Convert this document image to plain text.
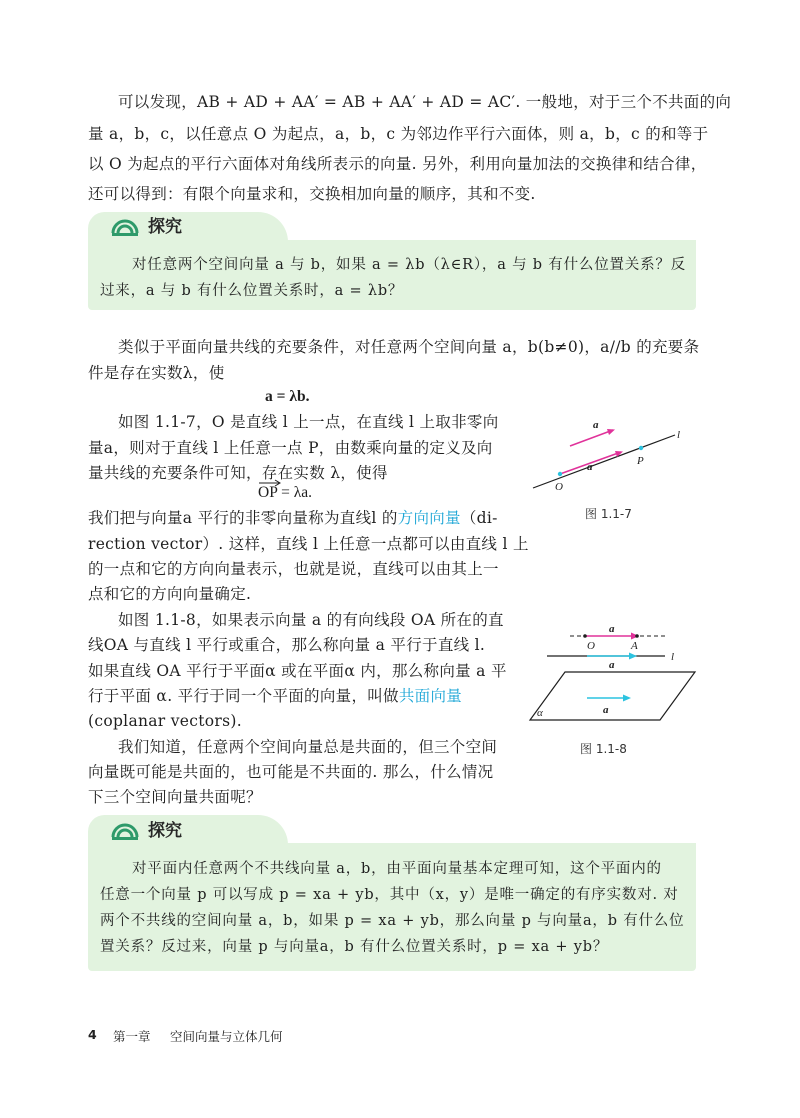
可以发现，AB + AD + AA′ = AB + AA′ + AD = AC′. 一般地，对于三个不共面的向

量 a，b，c，以任意点 O 为起点，a，b，c 为邻边作平行六面体，则 a，b，c 的和等于

以 O 为起点的平行六面体对角线所表示的向量. 另外，利用向量加法的交换律和结合律，

还可以得到：有限个向量求和，交换相加向量的顺序，其和不变.

探究

对任意两个空间向量 a 与 b，如果 a = λb（λ∈R），a 与 b 有什么位置关系？反

过来，a 与 b 有什么位置关系时，a = λb？

类似于平面向量共线的充要条件，对任意两个空间向量 a，b(b≠0)，a//b 的充要条

件是存在实数λ，使

a = λb.

如图 1.1-7，O 是直线 l 上一点，在直线 l 上取非零向

量a，则对于直线 l 上任意一点 P，由数乘向量的定义及向

量共线的充要条件可知，存在实数 λ，使得

OP = λa.

我们把与向量a 平行的非零向量称为直线l 的方向向量（di-

rection vector）. 这样，直线 l 上任意一点都可以由直线 l 上

的一点和它的方向向量表示，也就是说，直线可以由其上一

点和它的方向向量确定.

如图 1.1-8，如果表示向量 a 的有向线段 OA 所在的直

线OA 与直线 l 平行或重合，那么称向量 a 平行于直线 l.

如果直线 OA 平行于平面α 或在平面α 内，那么称向量 a 平

行于平面 α. 平行于同一个平面的向量，叫做共面向量

(coplanar vectors).

我们知道，任意两个空间向量总是共面的，但三个空间

向量既可能是共面的，也可能是不共面的. 那么，什么情况

下三个空间向量共面呢？

a
a
l
P
O
图 1.1-7
a
O	A
a
l
a
α
图 1.1-8
探究

对平面内任意两个不共线向量 a，b，由平面向量基本定理可知，这个平面内的

任意一个向量 p 可以写成 p = xa + yb，其中（x，y）是唯一确定的有序实数对. 对

两个不共线的空间向量 a，b，如果 p = xa + yb，那么向量 p 与向量a，b 有什么位

置关系？反过来，向量 p 与向量a，b 有什么位置关系时，p = xa + yb？

4 第一章 空间向量与立体几何
